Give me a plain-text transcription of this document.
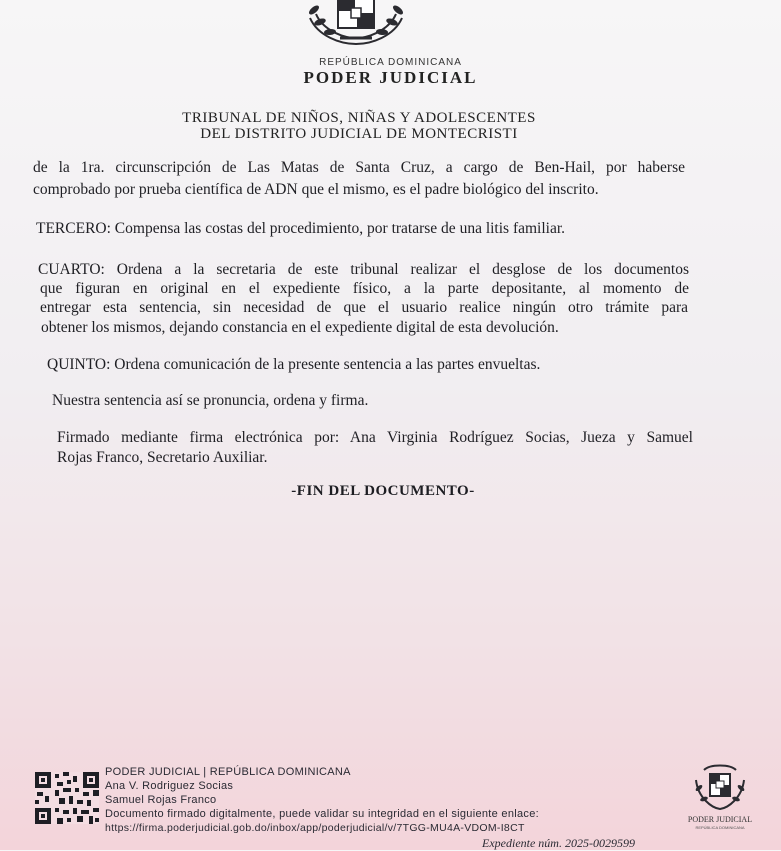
REPÚBLICA DOMINICANA
PODER JUDICIAL
TRIBUNAL DE NIÑOS, NIÑAS Y ADOLESCENTES
DEL DISTRITO JUDICIAL DE MONTECRISTI
de la 1ra. circunscripción de Las Matas de Santa Cruz, a cargo de Ben-Hail, por haberse
comprobado por prueba científica de ADN que el mismo, es el padre biológico del inscrito.
TERCERO: Compensa las costas del procedimiento, por tratarse de una litis familiar.
CUARTO: Ordena a la secretaria de este tribunal realizar el desglose de los documentos
que figuran en original en el expediente físico, a la parte depositante, al momento de
entregar esta sentencia, sin necesidad de que el usuario realice ningún otro trámite para
obtener los mismos, dejando constancia en el expediente digital de esta devolución.
QUINTO: Ordena comunicación de la presente sentencia a las partes envueltas.
Nuestra sentencia así se pronuncia, ordena y firma.
Firmado mediante firma electrónica por: Ana Virginia Rodríguez Socias, Jueza y Samuel
Rojas Franco, Secretario Auxiliar.
-FIN DEL DOCUMENTO-
PODER JUDICIAL | REPÚBLICA DOMINICANA
Ana V. Rodriguez Socias
Samuel Rojas Franco
Documento firmado digitalmente, puede validar su integridad en el siguiente enlace:
https://firma.poderjudicial.gob.do/inbox/app/poderjudicial/v/7TGG-MU4A-VDOM-I8CT
PODER JUDICIAL
REPÚBLICA DOMINICANA
Expediente núm. 2025-0029599
